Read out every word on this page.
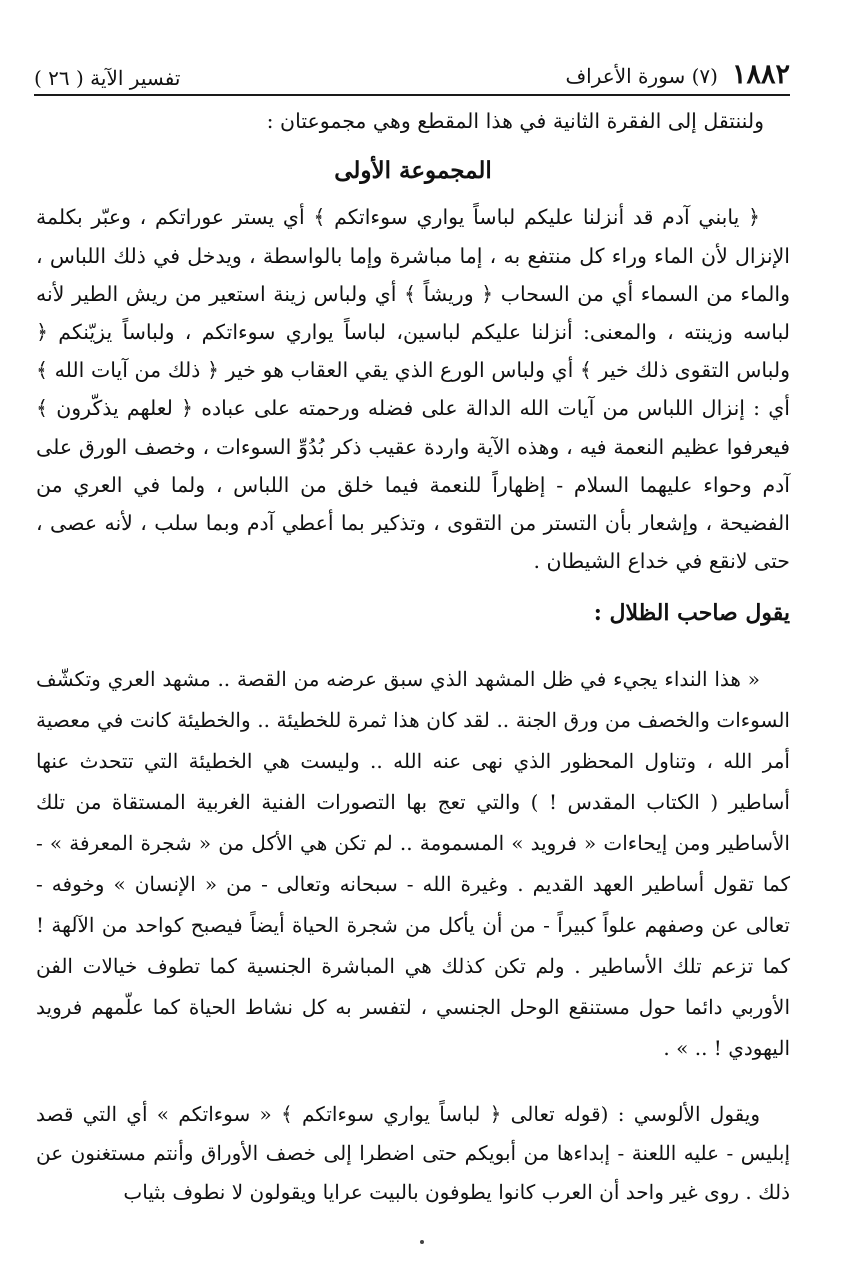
١٨٨٢
(٧) سورة الأعراف
تفسير الآية ( ٢٦ )

ولننتقل إلى الفقرة الثانية في هذا المقطع وهي مجموعتان :

المجموعة الأولى

﴿ يابني آدم قد أنزلنا عليكم لباساً يواري سوءاتكم ﴾ أي يستر عوراتكم ، وعبّر بكلمة الإنزال لأن الماء وراء كل منتفع به ، إما مباشرة وإما بالواسطة ، ويدخل في ذلك اللباس ، والماء من السماء أي من السحاب ﴿ وريشاً ﴾ أي ولباس زينة استعير من ريش الطير لأنه لباسه وزينته ، والمعنى: أنزلنا عليكم لباسين، لباساً يواري سوءاتكم ، ولباساً يزيّنكم ﴿ ولباس التقوى ذلك خير ﴾ أي ولباس الورع الذي يقي العقاب هو خير ﴿ ذلك من آيات الله ﴾ أي : إنزال اللباس من آيات الله الدالة على فضله ورحمته على عباده ﴿ لعلهم يذكّرون ﴾ فيعرفوا عظيم النعمة فيه ، وهذه الآية واردة عقيب ذكر بُدُوِّ السوءات ، وخصف الورق على آدم وحواء عليهما السلام - إظهاراً للنعمة فيما خلق من اللباس ، ولما في العري من الفضيحة ، وإشعار بأن التستر من التقوى ، وتذكير بما أعطي آدم وبما سلب ، لأنه عصى ، حتى لانقع في خداع الشيطان .

يقول صاحب الظلال :

« هذا النداء يجيء في ظل المشهد الذي سبق عرضه من القصة .. مشهد العري وتكشّف السوءات والخصف من ورق الجنة .. لقد كان هذا ثمرة للخطيئة .. والخطيئة كانت في معصية أمر الله ، وتناول المحظور الذي نهى عنه الله .. وليست هي الخطيئة التي تتحدث عنها أساطير ( الكتاب المقدس ! ) والتي تعج بها التصورات الفنية الغربية المستقاة من تلك الأساطير ومن إيحاءات « فرويد » المسمومة .. لم تكن هي الأكل من « شجرة المعرفة » - كما تقول أساطير العهد القديم . وغيرة الله - سبحانه وتعالى - من « الإنسان » وخوفه - تعالى عن وصفهم علواً كبيراً - من أن يأكل من شجرة الحياة أيضاً فيصبح كواحد من الآلهة ! كما تزعم تلك الأساطير . ولم تكن كذلك هي المباشرة الجنسية كما تطوف خيالات الفن الأوربي دائما حول مستنقع الوحل الجنسي ، لتفسر به كل نشاط الحياة كما علّمهم فرويد اليهودي ! .. » .

ويقول الألوسي : (قوله تعالى ﴿ لباساً يواري سوءاتكم ﴾ « سوءاتكم » أي التي قصد إبليس - عليه اللعنة - إبداءها من أبويكم حتى اضطرا إلى خصف الأوراق وأنتم مستغنون عن ذلك . روى غير واحد أن العرب كانوا يطوفون بالبيت عرايا ويقولون لا نطوف بثياب
